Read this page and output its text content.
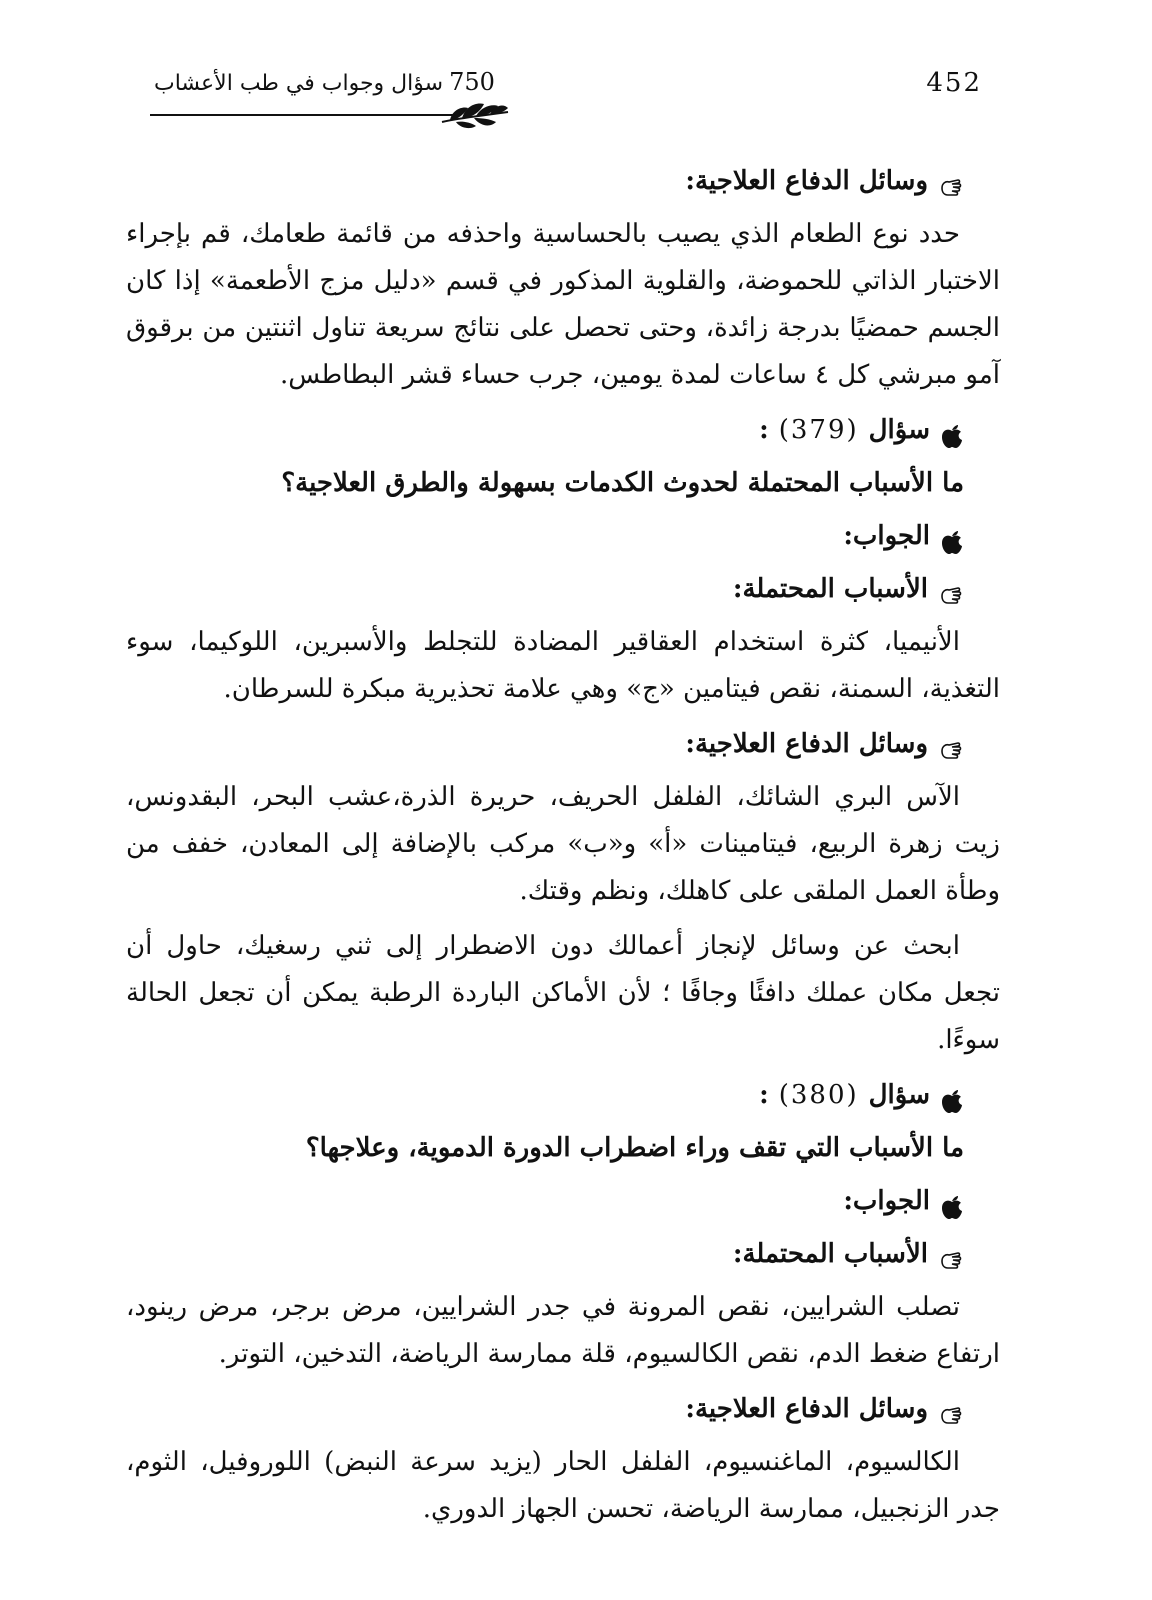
452
750سؤال وجواب في طب الأعشاب
وسائل الدفاع العلاجية:

حدد نوع الطعام الذي يصيب بالحساسية واحذفه من قائمة طعامك، قم بإجراء الاختبار الذاتي للحموضة، والقلوية المذكور في قسم «دليل مزج الأطعمة» إذا كان الجسم حمضيًا بدرجة زائدة، وحتى تحصل على نتائج سريعة تناول اثنتين من برقوق آمو مبرشي كل ٤ ساعات لمدة يومين، جرب حساء قشر البطاطس.

سؤال
(379)
:

ما الأسباب المحتملة لحدوث الكدمات بسهولة والطرق العلاجية؟

الجواب:
الأسباب المحتملة:

الأنيميا، كثرة استخدام العقاقير المضادة للتجلط والأسبرين، اللوكيما، سوء التغذية، السمنة، نقص فيتامين «ج» وهي علامة تحذيرية مبكرة للسرطان.

وسائل الدفاع العلاجية:

الآس البري الشائك، الفلفل الحريف، حريرة الذرة،عشب البحر، البقدونس، زيت زهرة الربيع، فيتامينات «أ» و«ب» مركب بالإضافة إلى المعادن، خفف من وطأة العمل الملقى على كاهلك، ونظم وقتك.

ابحث عن وسائل لإنجاز أعمالك دون الاضطرار إلى ثني رسغيك، حاول أن تجعل مكان عملك دافئًا وجافًا ؛ لأن الأماكن الباردة الرطبة يمكن أن تجعل الحالة سوءًا.

سؤال
(380)
:

ما الأسباب التي تقف وراء اضطراب الدورة الدموية، وعلاجها؟

الجواب:
الأسباب المحتملة:

تصلب الشرايين، نقص المرونة في جدر الشرايين، مرض برجر، مرض رينود، ارتفاع ضغط الدم، نقص الكالسيوم، قلة ممارسة الرياضة، التدخين، التوتر.

وسائل الدفاع العلاجية:

الكالسيوم، الماغنسيوم، الفلفل الحار (يزيد سرعة النبض) اللوروفيل، الثوم، جدر الزنجبيل، ممارسة الرياضة، تحسن الجهاز الدوري.
